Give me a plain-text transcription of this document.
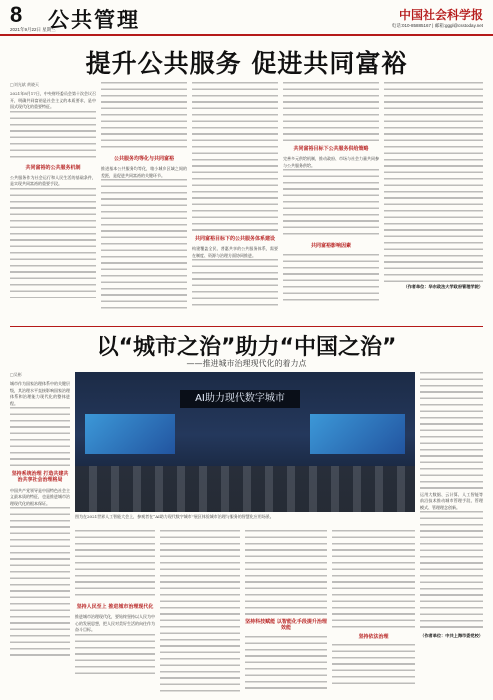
8
2021年9月22日 星期三
公共管理	中国社会科学报
电话:010-85885167 | 邮箱:gggl@csstoday.net
提升公共服务 促进共同富裕
□刘光斌 黄晓天
2021年8月17日，中央财经委员会第十次会议召开，明确共同富裕是社会主义的本质要求，是中国式现代化的重要特征。
共同富裕的公共服务机制
公共服务作为社会运行和人民生活的基础条件，是实现共同富裕的重要手段。
公共服务均等化与共同富裕
推进基本公共服务均等化，缩小城乡区域之间的差距，是促进共同富裕的关键环节。
共同富裕目标下的公共服务体系建设
构建覆盖全民、普惠共享的公共服务体系，需要在制度、资源与治理方面协同推进。
共同富裕目标下公共服务供给策略
完善多元供给机制，推动政府、市场与社会力量共同参与公共服务供给。
共同富裕影响因素
（作者单位：华东政法大学政府管理学院）
以“城市之治”助力“中国之治”
——推进城市治理现代化的着力点
□吴彬
城市作为国家治理体系中的关键层级，其治理水平直接影响国家治理体系和治理能力现代化的整体进程。
坚持系统治理 打造共建共治共享社会治理格局
中国共产党领导是中国特色社会主义最本质的特征，也是推进城市治理现代化的根本保证。
AI助力现代数字城市
图为在2021世界人工智能大会上，参观者在“AI助力现代数字城市”展区体验城市治理与服务的智慧化应用场景。
运用大数据、云计算、人工智能等前沿技术推动城市管理手段、管理模式、管理理念创新。
（作者单位：中共上海市委党校）
坚持人民至上 推进城市治理现代化
推进城市治理现代化，要始终坚持以人民为中心的发展思想，把人民对美好生活的向往作为奋斗目标。
坚持科技赋能 以智能化手段提升治理效能
坚持依法治理
